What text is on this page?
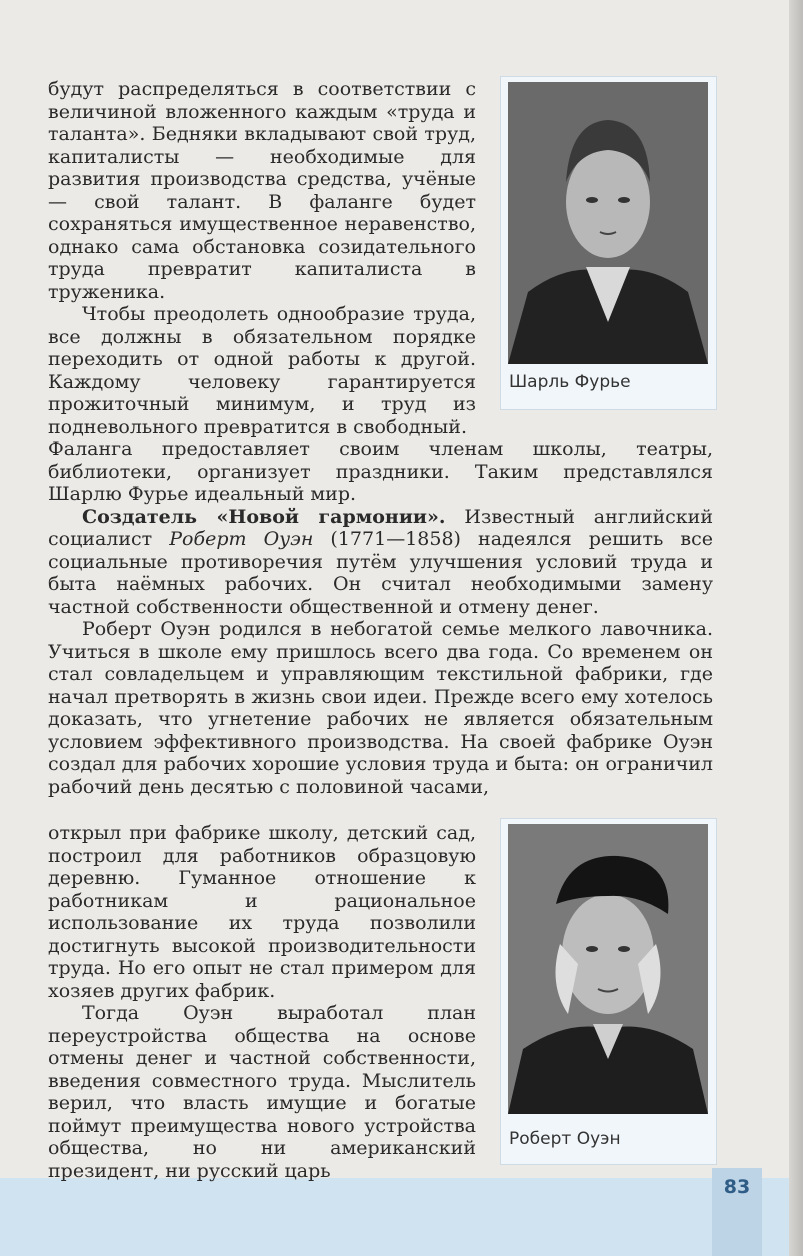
83

будут распределяться в соответствии с величиной вложенного каждым «труда и таланта». Бедняки вкладывают свой труд, капиталисты — необходимые для развития производства средства, учёные — свой талант. В фаланге будет сохраняться имущественное неравенство, однако сама обстановка созидательного труда превратит капиталиста в труженика.

Чтобы преодолеть однообразие труда, все должны в обязательном порядке переходить от одной работы к другой. Каждому человеку гарантируется прожиточный минимум, и труд из подневольного превратится в свободный.

Фаланга предоставляет своим членам школы, театры, библиотеки, организует праздники. Таким представлялся Шарлю Фурье идеальный мир.

Создатель «Новой гармонии». Известный английский социалист Роберт Оуэн (1771—1858) надеялся решить все социальные противоречия путём улучшения условий труда и быта наёмных рабочих. Он считал необходимыми замену частной собственности общественной и отмену денег.

Роберт Оуэн родился в небогатой семье мелкого лавочника. Учиться в школе ему пришлось всего два года. Со временем он стал совладельцем и управляющим текстильной фабрики, где начал претворять в жизнь свои идеи. Прежде всего ему хотелось доказать, что угнетение рабочих не является обязательным условием эффективного производства. На своей фабрике Оуэн создал для рабочих хорошие условия труда и быта: он ограничил рабочий день десятью с половиной часами,

открыл при фабрике школу, детский сад, построил для работников образцовую деревню. Гуманное отношение к работникам и рациональное использование их труда позволили достигнуть высокой производительности труда. Но его опыт не стал примером для хозяев других фабрик.

Тогда Оуэн выработал план переустройства общества на основе отмены денег и частной собственности, введения совместного труда. Мыслитель верил, что власть имущие и богатые поймут преимущества нового устройства общества, но ни американский президент, ни русский царь

Шарль Фурье
Роберт Оуэн
